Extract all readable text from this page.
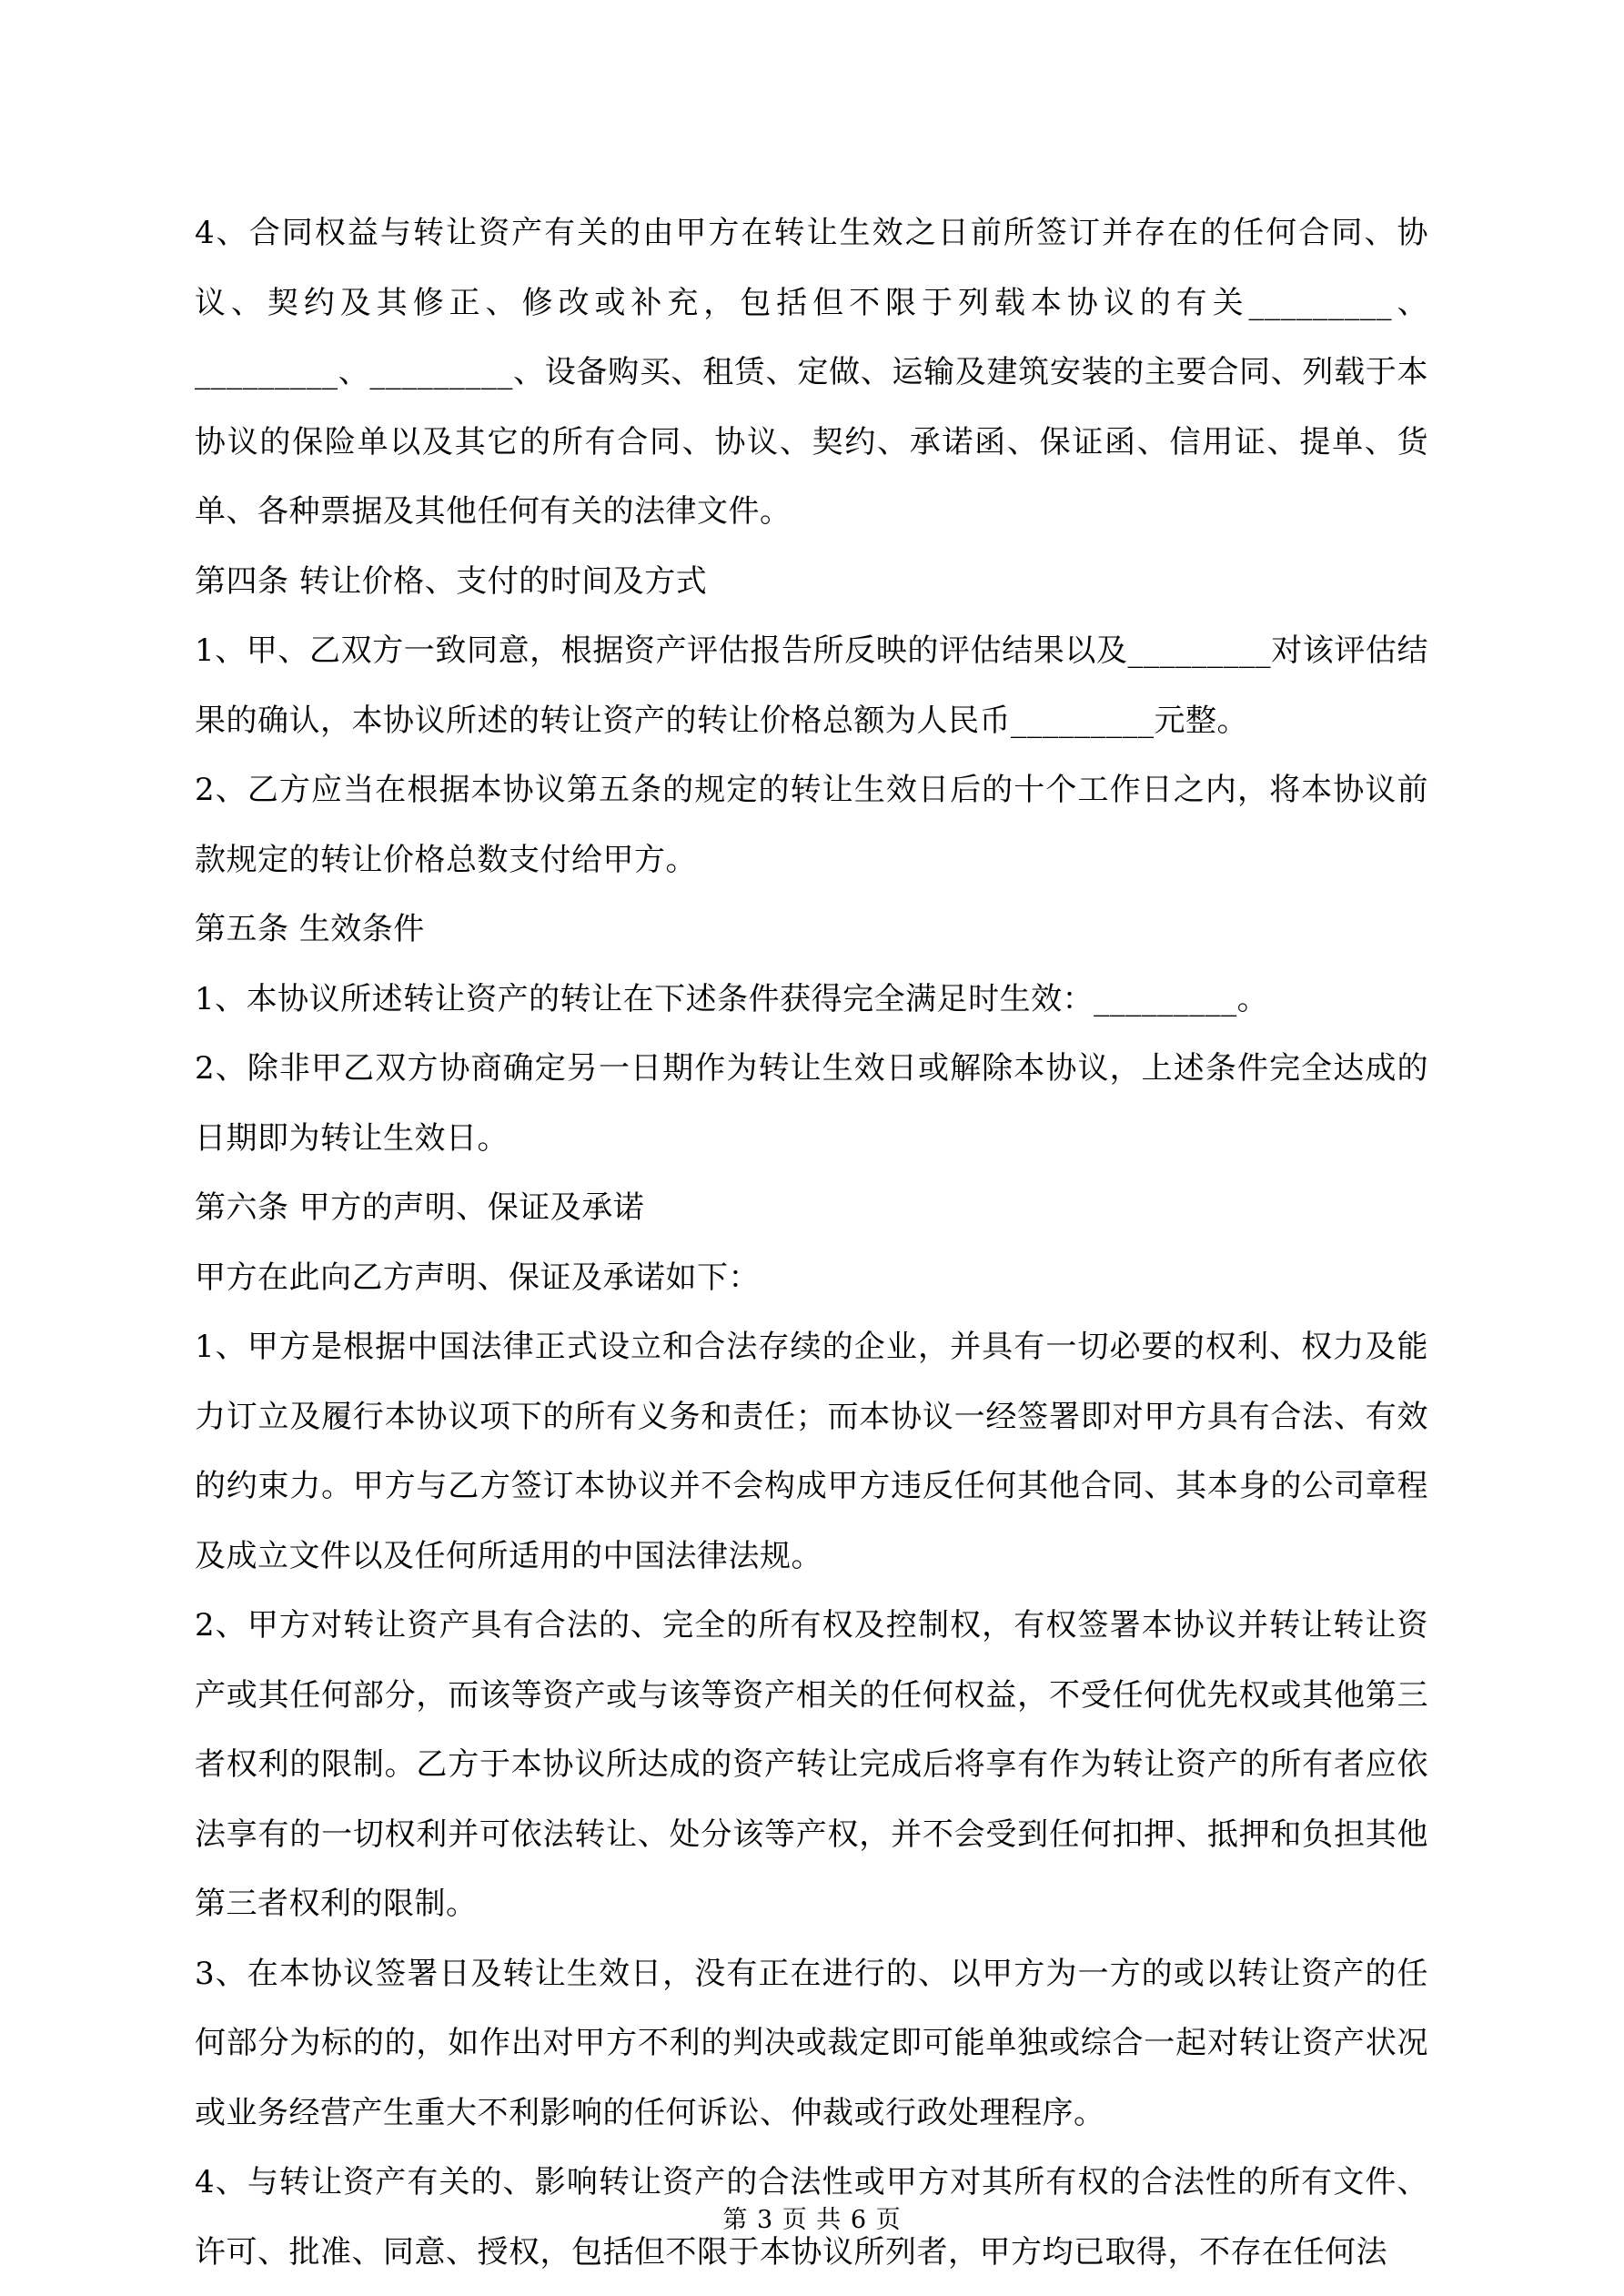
4、合同权益与转让资产有关的由甲方在转让生效之日前所签订并存在的任何合同、协议、契约及其修正、修改或补充，包括但不限于列载本协议的有关_________、_________、_________、设备购买、租赁、定做、运输及建筑安装的主要合同、列载于本协议的保险单以及其它的所有合同、协议、契约、承诺函、保证函、信用证、提单、货单、各种票据及其他任何有关的法律文件。

第四条 转让价格、支付的时间及方式

1、甲、乙双方一致同意，根据资产评估报告所反映的评估结果以及_________对该评估结果的确认，本协议所述的转让资产的转让价格总额为人民币_________元整。

2、乙方应当在根据本协议第五条的规定的转让生效日后的十个工作日之内，将本协议前款规定的转让价格总数支付给甲方。

第五条 生效条件

1、本协议所述转让资产的转让在下述条件获得完全满足时生效：_________。

2、除非甲乙双方协商确定另一日期作为转让生效日或解除本协议，上述条件完全达成的日期即为转让生效日。

第六条 甲方的声明、保证及承诺

甲方在此向乙方声明、保证及承诺如下：

1、甲方是根据中国法律正式设立和合法存续的企业，并具有一切必要的权利、权力及能力订立及履行本协议项下的所有义务和责任；而本协议一经签署即对甲方具有合法、有效的约束力。甲方与乙方签订本协议并不会构成甲方违反任何其他合同、其本身的公司章程及成立文件以及任何所适用的中国法律法规。

2、甲方对转让资产具有合法的、完全的所有权及控制权，有权签署本协议并转让转让资产或其任何部分，而该等资产或与该等资产相关的任何权益，不受任何优先权或其他第三者权利的限制。乙方于本协议所达成的资产转让完成后将享有作为转让资产的所有者应依法享有的一切权利并可依法转让、处分该等产权，并不会受到任何扣押、抵押和负担其他第三者权利的限制。

3、在本协议签署日及转让生效日，没有正在进行的、以甲方为一方的或以转让资产的任何部分为标的的，如作出对甲方不利的判决或裁定即可能单独或综合一起对转让资产状况或业务经营产生重大不利影响的任何诉讼、仲裁或行政处理程序。

4、与转让资产有关的、影响转让资产的合法性或甲方对其所有权的合法性的所有文件、许可、批准、同意、授权，包括但不限于本协议所列者，甲方均已取得，不存在任何法

第 3 页 共 6 页
